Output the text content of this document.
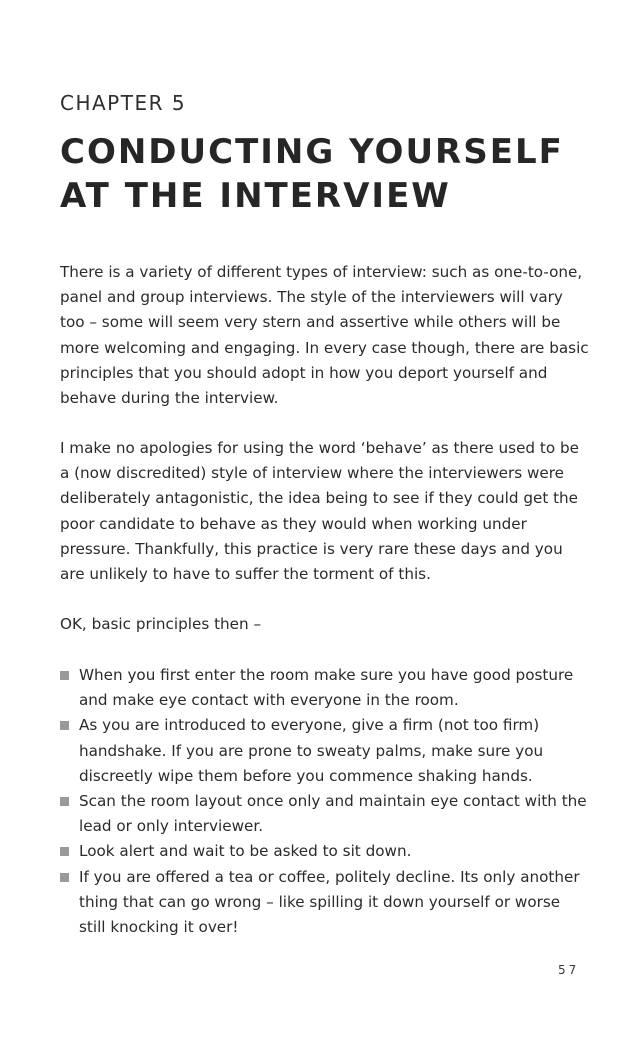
CHAPTER 5
CONDUCTING YOURSELF AT THE INTERVIEW

There is a variety of different types of interview: such as one-to-one, panel and group interviews. The style of the interviewers will vary too – some will seem very stern and assertive while others will be more welcoming and engaging. In every case though, there are basic principles that you should adopt in how you deport yourself and behave during the interview.

I make no apologies for using the word ‘behave’ as there used to be a (now discredited) style of interview where the interviewers were deliberately antagonistic, the idea being to see if they could get the poor candidate to behave as they would when working under pressure. Thankfully, this practice is very rare these days and you are unlikely to have to suffer the torment of this.

OK, basic principles then –

When you first enter the room make sure you have good posture and make eye contact with everyone in the room.
As you are introduced to everyone, give a firm (not too firm) handshake. If you are prone to sweaty palms, make sure you discreetly wipe them before you commence shaking hands.
Scan the room layout once only and maintain eye contact with the lead or only interviewer.
Look alert and wait to be asked to sit down.
If you are offered a tea or coffee, politely decline. Its only another thing that can go wrong – like spilling it down yourself or worse still knocking it over!
57
